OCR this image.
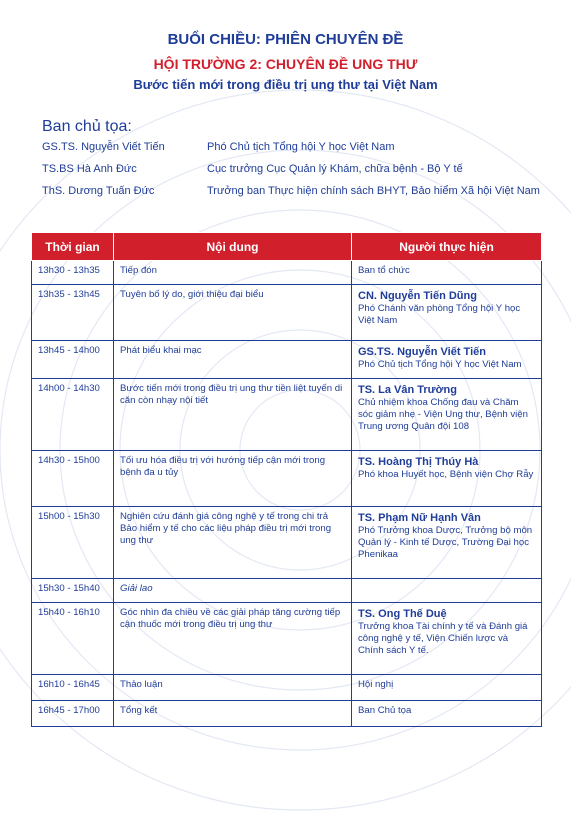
BUỔI CHIỀU: PHIÊN CHUYÊN ĐỀ
HỘI TRƯỜNG 2: CHUYÊN ĐỀ UNG THƯ
Bước tiến mới trong điều trị ung thư tại Việt Nam
Ban chủ tọa:
GS.TS. Nguyễn Viết Tiến	Phó Chủ tịch Tổng hội Y học Việt Nam
TS.BS Hà Anh Đức	Cục trưởng Cục Quản lý Khám, chữa bệnh - Bộ Y tế
ThS. Dương Tuấn Đức	Trưởng ban Thực hiện chính sách BHYT, Bảo hiểm Xã hội Việt Nam
Thời gian	Nội dung	Người thực hiện
13h30 - 13h35	Tiếp đón	Ban tổ chức

13h35 - 13h45	Tuyên bố lý do, giới thiệu đại biểu	CN. Nguyễn Tiến Dũng
Phó Chánh văn phòng Tổng hội Y học Việt Nam

13h45 - 14h00	Phát biểu khai mạc	GS.TS. Nguyễn Viết Tiến
Phó Chủ tịch Tổng hội Y học Việt Nam

14h00 - 14h30	Bước tiến mới trong điều trị ung thư tiền liệt tuyến di căn còn nhạy nội tiết	TS. La Vân Trường
Chủ nhiệm khoa Chống đau và Chăm sóc giảm nhẹ - Viện Ung thư, Bệnh viện Trung ương Quân đội 108

14h30 - 15h00	Tối ưu hóa điều trị với hướng tiếp cận mới trong bệnh đa u tủy	TS. Hoàng Thị Thúy Hà
Phó khoa Huyết học, Bệnh viện Chợ Rẫy

15h00 - 15h30	Nghiên cứu đánh giá công nghệ y tế trong chi trả Bảo hiểm y tế cho các liệu pháp điều trị mới trong ung thư	TS. Phạm Nữ Hạnh Vân
Phó Trưởng khoa Dược, Trưởng bộ môn Quản lý - Kinh tế Dược, Trường Đại học Phenikaa

15h30 - 15h40	Giải lao	
15h40 - 16h10	Góc nhìn đa chiều về các giải pháp tăng cường tiếp cận thuốc mới trong điều trị ung thư	TS. Ong Thế Duệ
Trưởng khoa Tài chính y tế và Đánh giá công nghệ y tế, Viện Chiến lược và Chính sách Y tế.

16h10 - 16h45	Thảo luận	Hội nghị

16h45 - 17h00	Tổng kết	Ban Chủ tọa
